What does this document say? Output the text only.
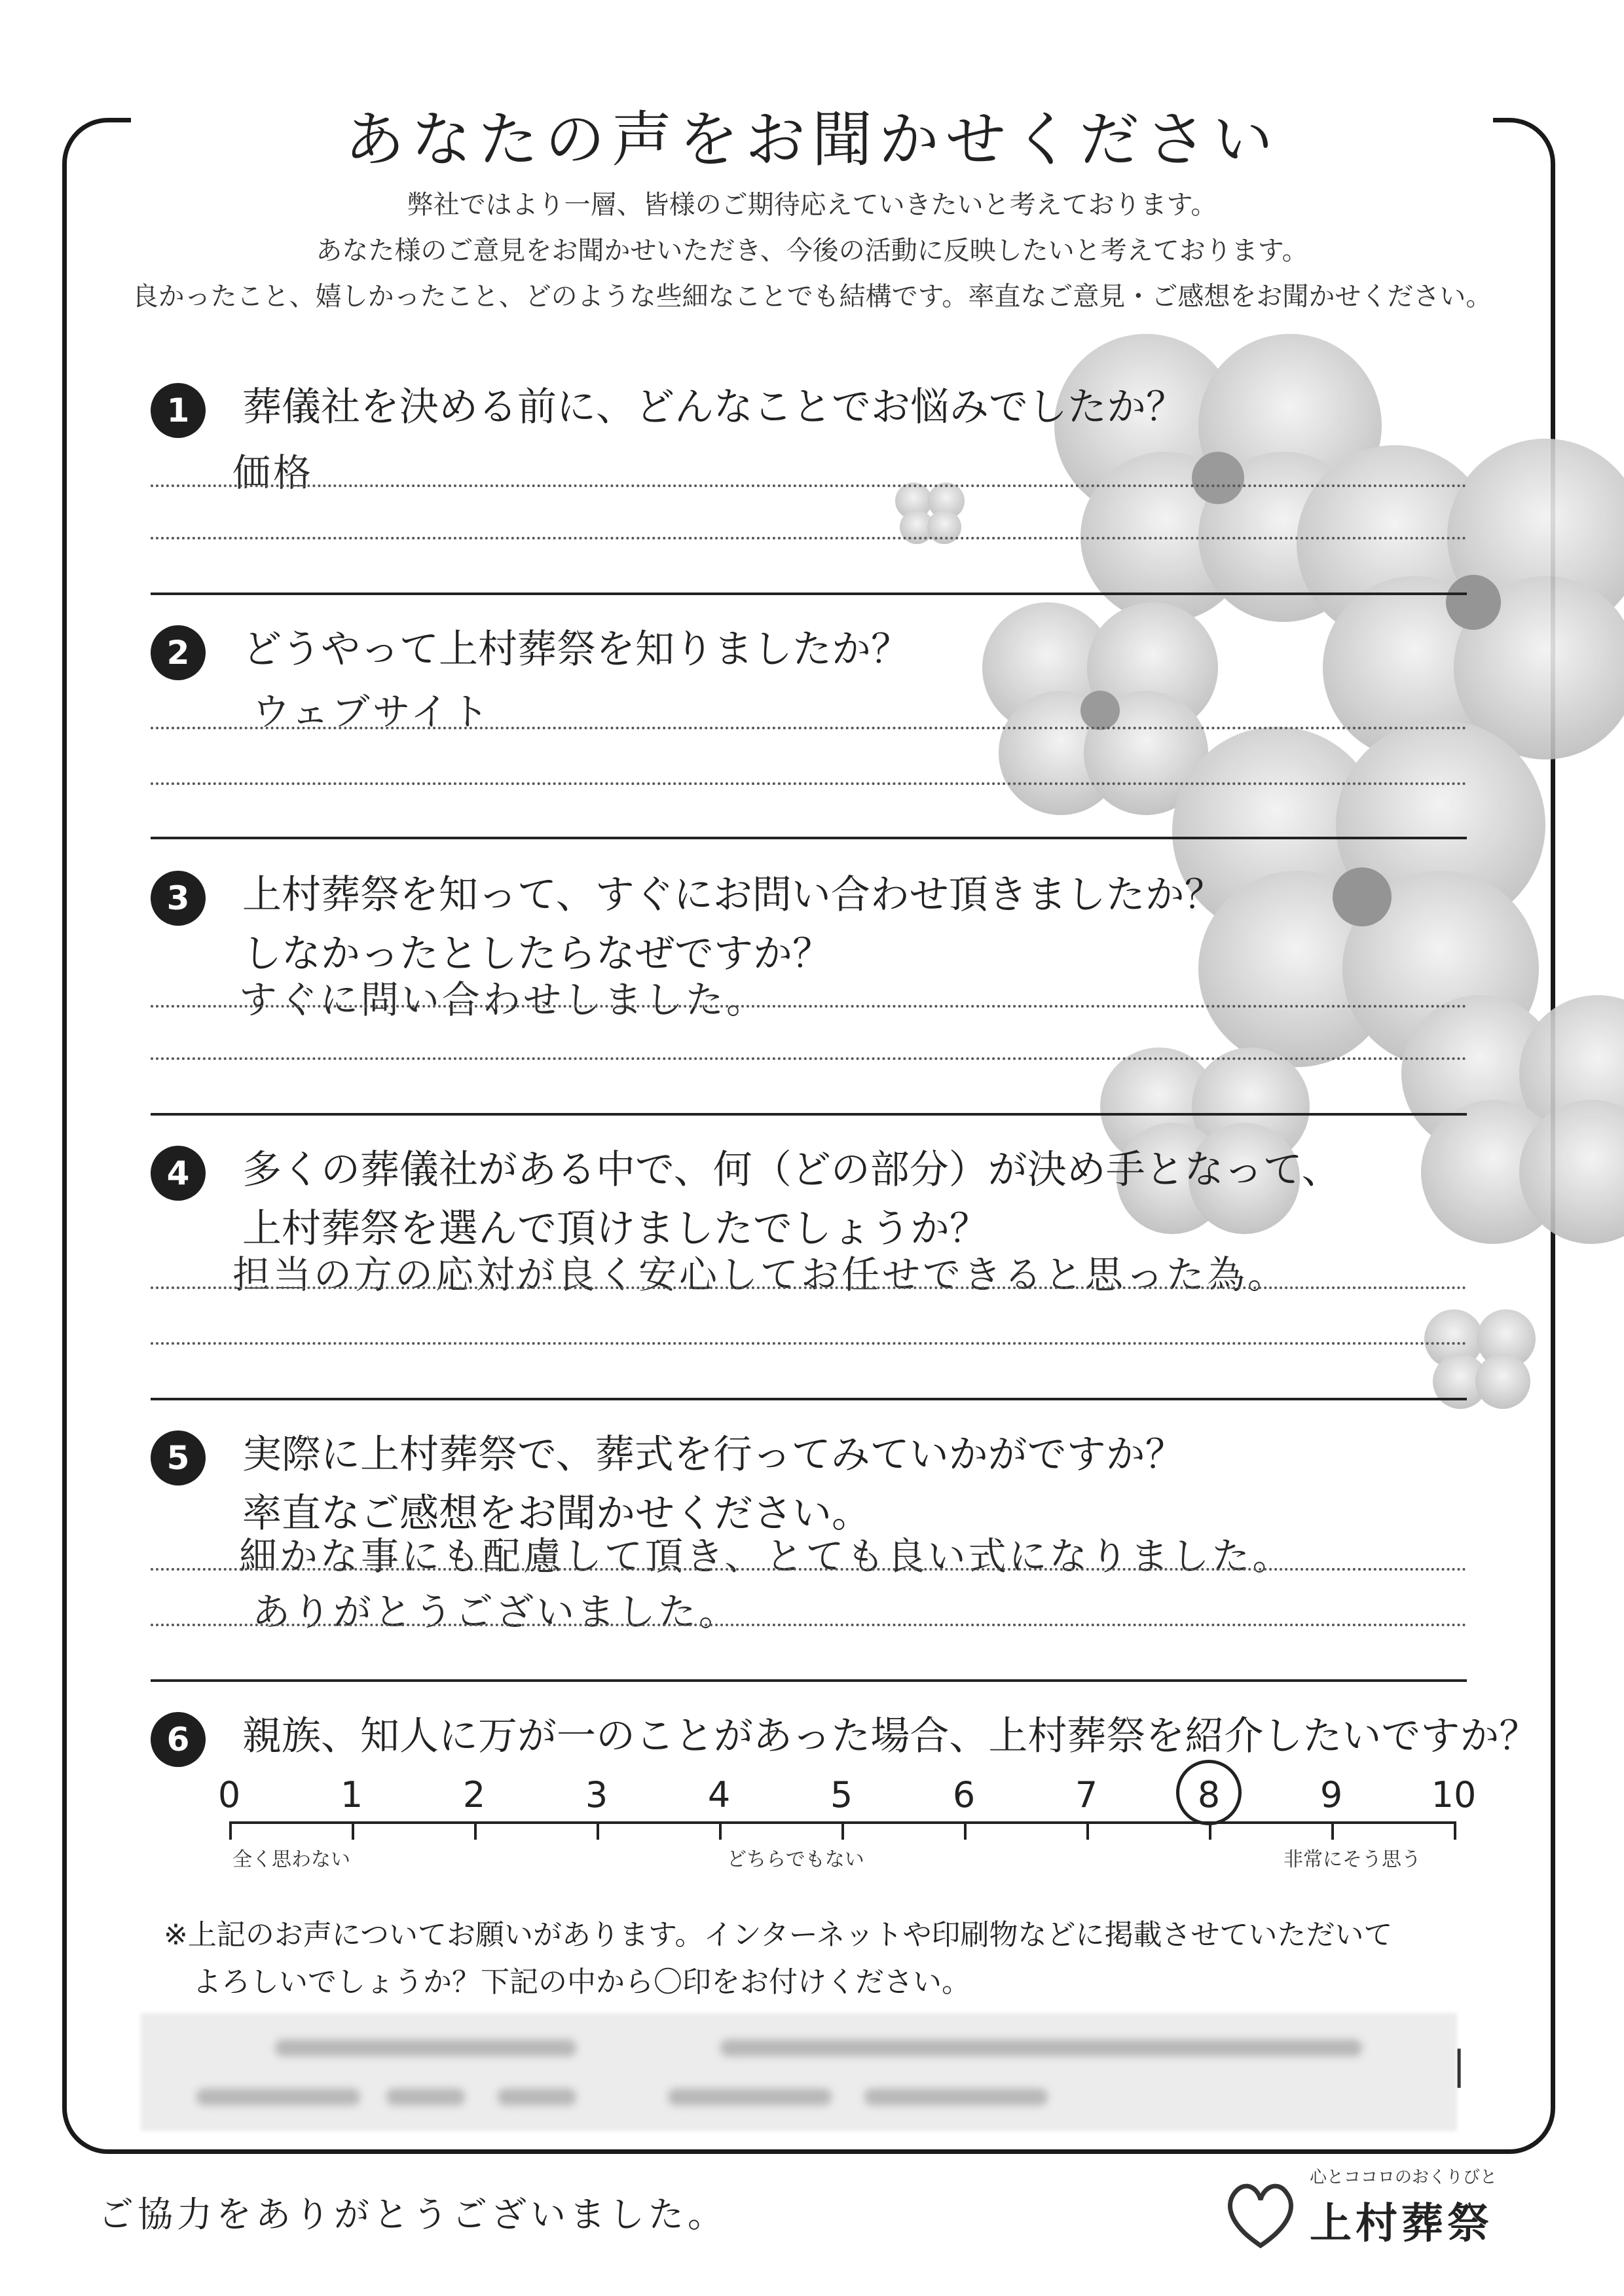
あなたの声をお聞かせください
弊社ではより一層、皆様のご期待応えていきたいと考えております。
あなた様のご意見をお聞かせいただき、今後の活動に反映したいと考えております。
良かったこと、嬉しかったこと、どのような些細なことでも結構です。率直なご意見・ご感想をお聞かせください。
1	葬儀社を決める前に、どんなことでお悩みでしたか？
価格
2	どうやって上村葬祭を知りましたか？
ウェブサイト
3	上村葬祭を知って、すぐにお問い合わせ頂きましたか？
しなかったとしたらなぜですか？
すぐに問い合わせしました。
4	多くの葬儀社がある中で、何（どの部分）が決め手となって、
上村葬祭を選んで頂けましたでしょうか？
担当の方の応対が良く安心してお任せできると思った為。
5	実際に上村葬祭で、葬式を行ってみていかがですか？
率直なご感想をお聞かせください。
細かな事にも配慮して頂き、とても良い式になりました。
ありがとうございました。
6	親族、知人に万が一のことがあった場合、上村葬祭を紹介したいですか？
0	1	2	3	4	5	6	7	8	9	10
全く思わない	どちらでもない	非常にそう思う
※上記のお声についてお願いがあります。インターネットや印刷物などに掲載させていただいて
よろしいでしょうか？下記の中から〇印をお付けください。
|
ご協力をありがとうございました。
心とココロのおくりびと
上村葬祭
